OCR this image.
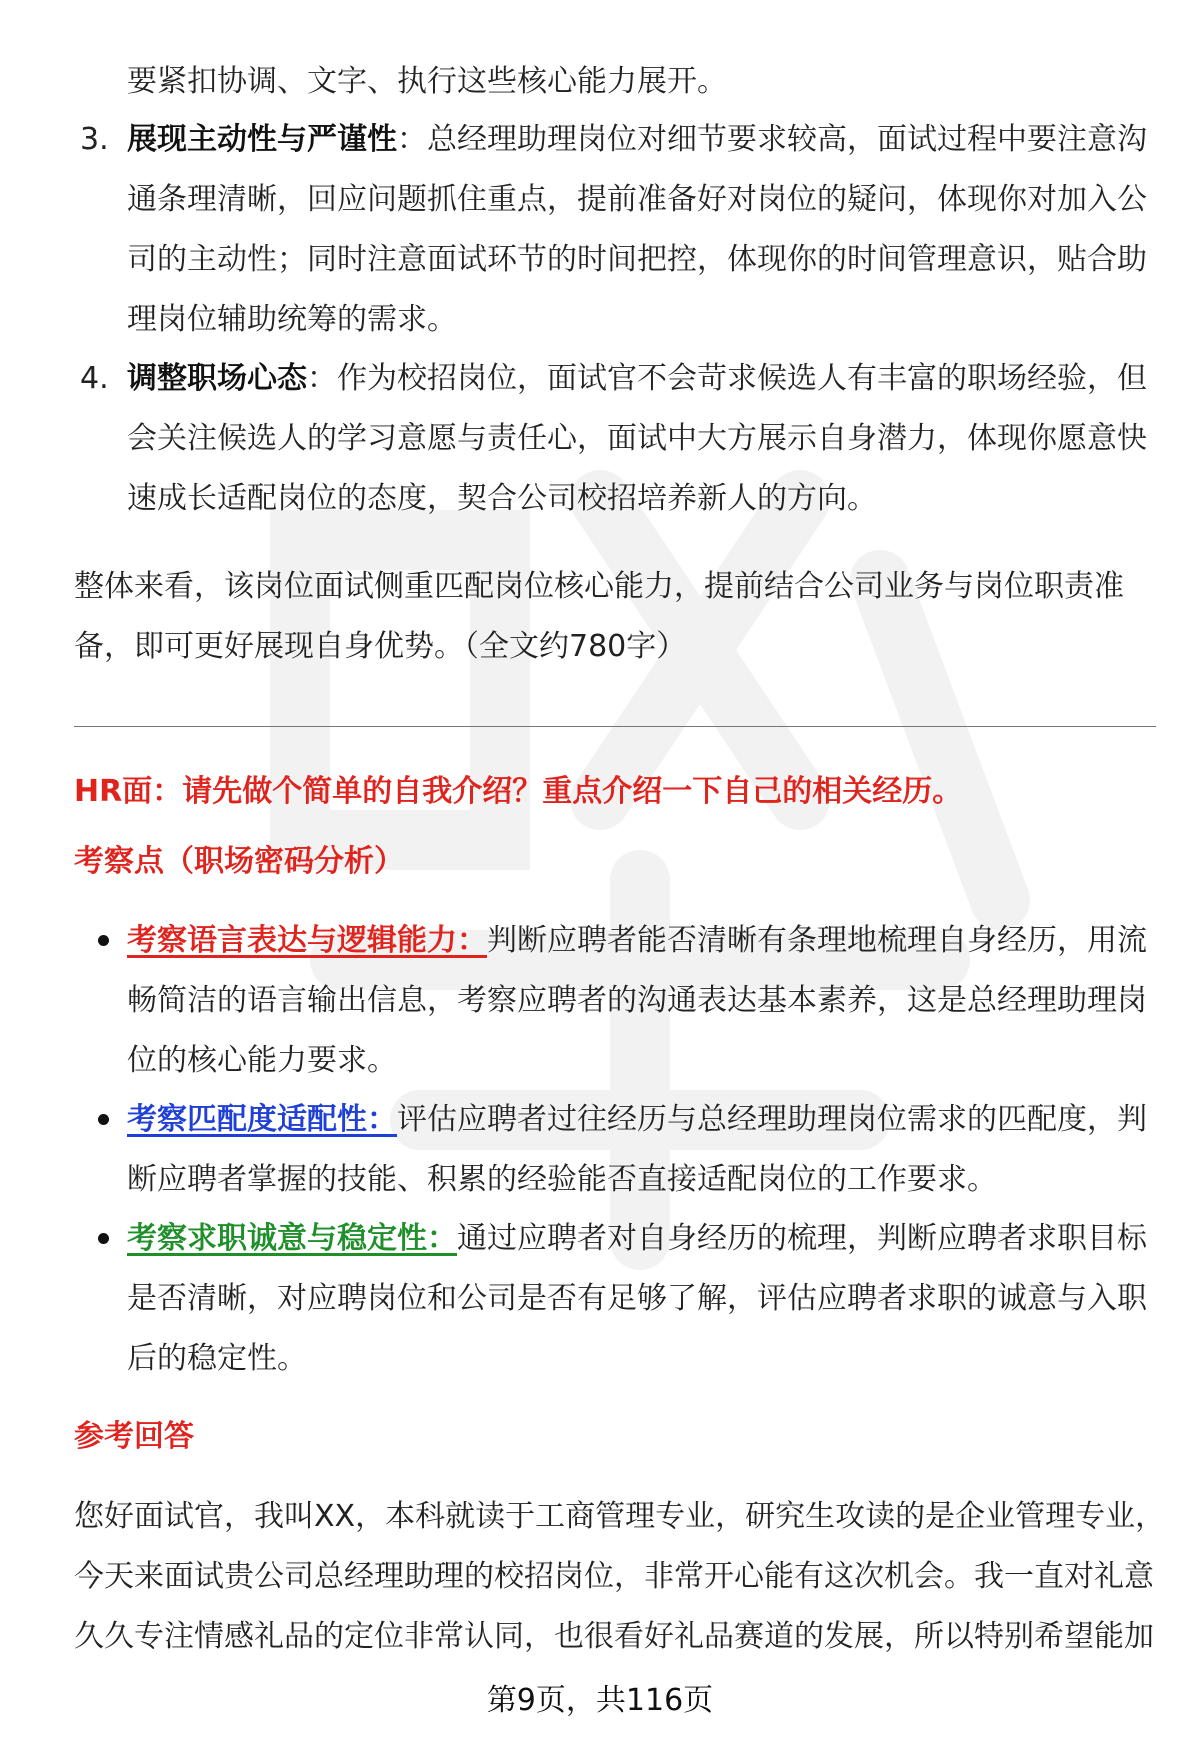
要紧扣协调、文字、执行这些核心能力展开。
3. 展现主动性与严谨性：总经理助理岗位对细节要求较高，面试过程中要注意沟
通条理清晰，回应问题抓住重点，提前准备好对岗位的疑问，体现你对加入公
司的主动性；同时注意面试环节的时间把控，体现你的时间管理意识，贴合助
理岗位辅助统筹的需求。
4. 调整职场心态：作为校招岗位，面试官不会苛求候选人有丰富的职场经验，但
会关注候选人的学习意愿与责任心，面试中大方展示自身潜力，体现你愿意快
速成长适配岗位的态度，契合公司校招培养新人的方向。
整体来看，该岗位面试侧重匹配岗位核心能力，提前结合公司业务与岗位职责准
备，即可更好展现自身优势。（全文约780字）
HR面：请先做个简单的自我介绍？重点介绍一下自己的相关经历。
考察点（职场密码分析）
考察语言表达与逻辑能力：判断应聘者能否清晰有条理地梳理自身经历，用流
畅简洁的语言输出信息，考察应聘者的沟通表达基本素养，这是总经理助理岗
位的核心能力要求。
考察匹配度适配性：评估应聘者过往经历与总经理助理岗位需求的匹配度，判
断应聘者掌握的技能、积累的经验能否直接适配岗位的工作要求。
考察求职诚意与稳定性：通过应聘者对自身经历的梳理，判断应聘者求职目标
是否清晰，对应聘岗位和公司是否有足够了解，评估应聘者求职的诚意与入职
后的稳定性。
参考回答
您好面试官，我叫XX，本科就读于工商管理专业，研究生攻读的是企业管理专业，
今天来面试贵公司总经理助理的校招岗位，非常开心能有这次机会。我一直对礼意
久久专注情感礼品的定位非常认同，也很看好礼品赛道的发展，所以特别希望能加
第9页，共116页
